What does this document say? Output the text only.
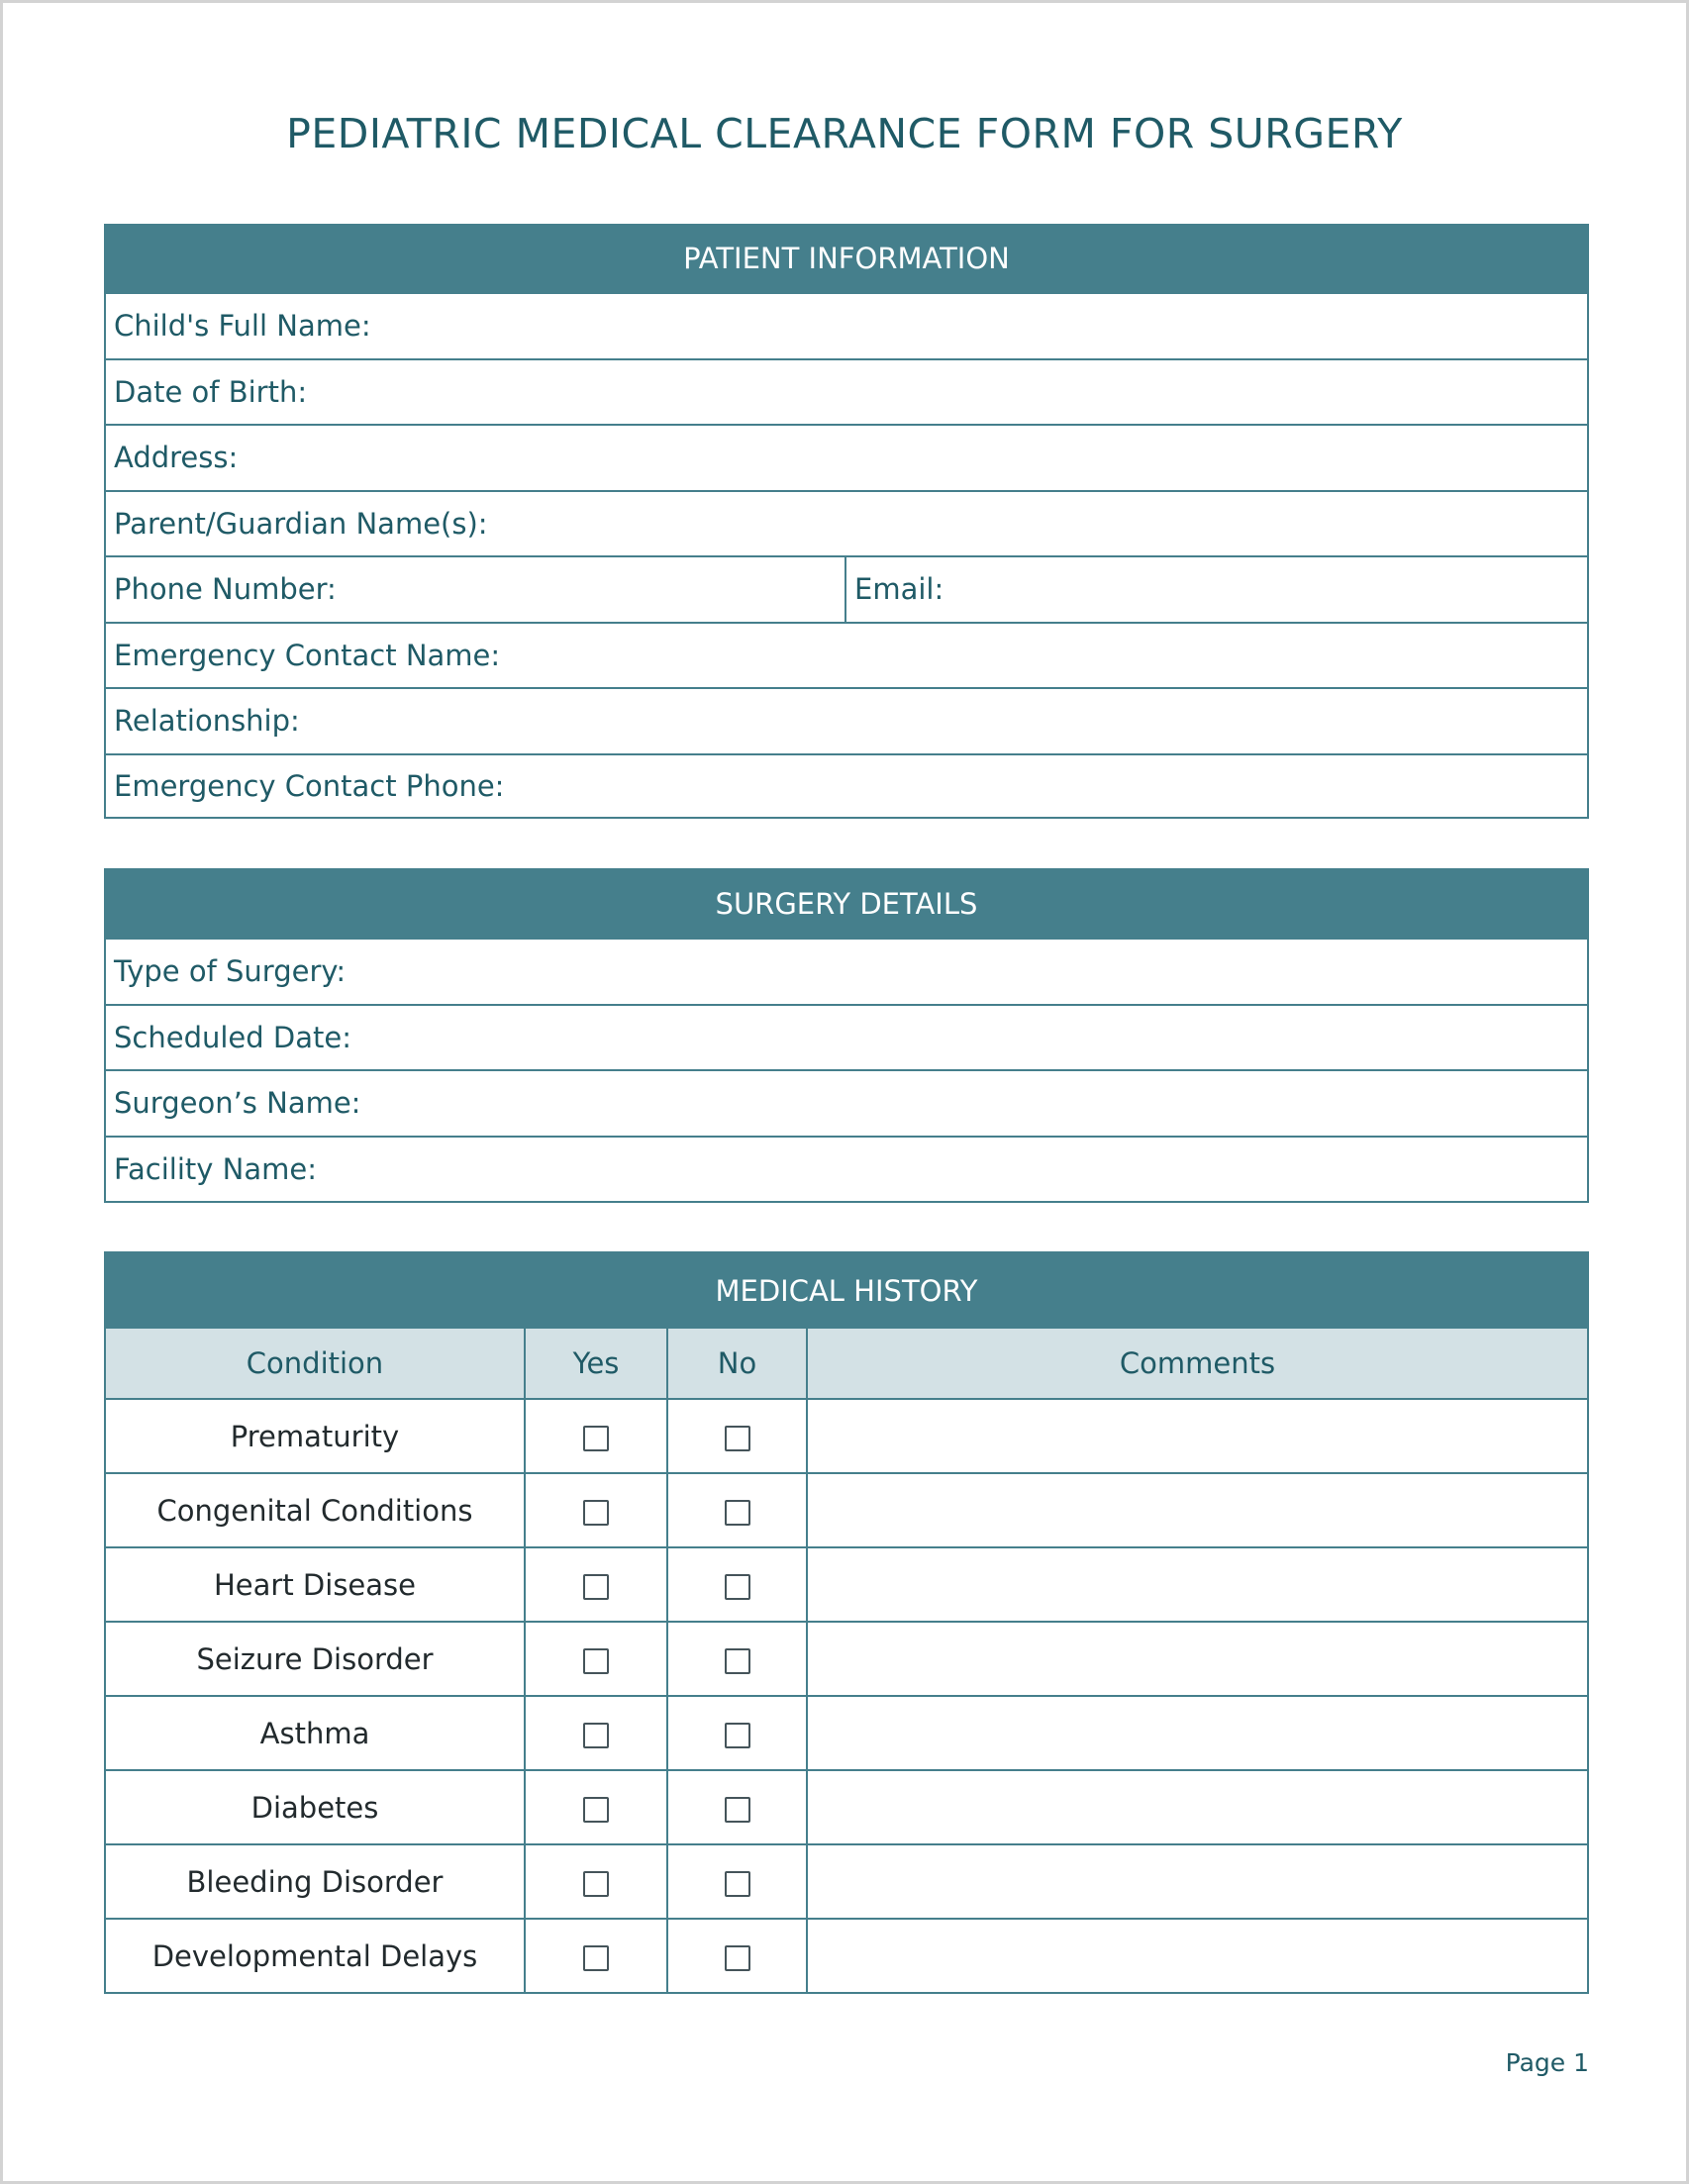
PEDIATRIC MEDICAL CLEARANCE FORM FOR SURGERY
PATIENT INFORMATION
Child's Full Name:
Date of Birth:
Address:
Parent/Guardian Name(s):
Phone Number:	Email:
Emergency Contact Name:
Relationship:
Emergency Contact Phone:
SURGERY DETAILS
Type of Surgery:
Scheduled Date:
Surgeon’s Name:
Facility Name:
MEDICAL HISTORY
Condition	Yes	No	Comments
Prematurity			
Congenital Conditions			
Heart Disease			
Seizure Disorder			
Asthma			
Diabetes			
Bleeding Disorder			
Developmental Delays			
Page 1
